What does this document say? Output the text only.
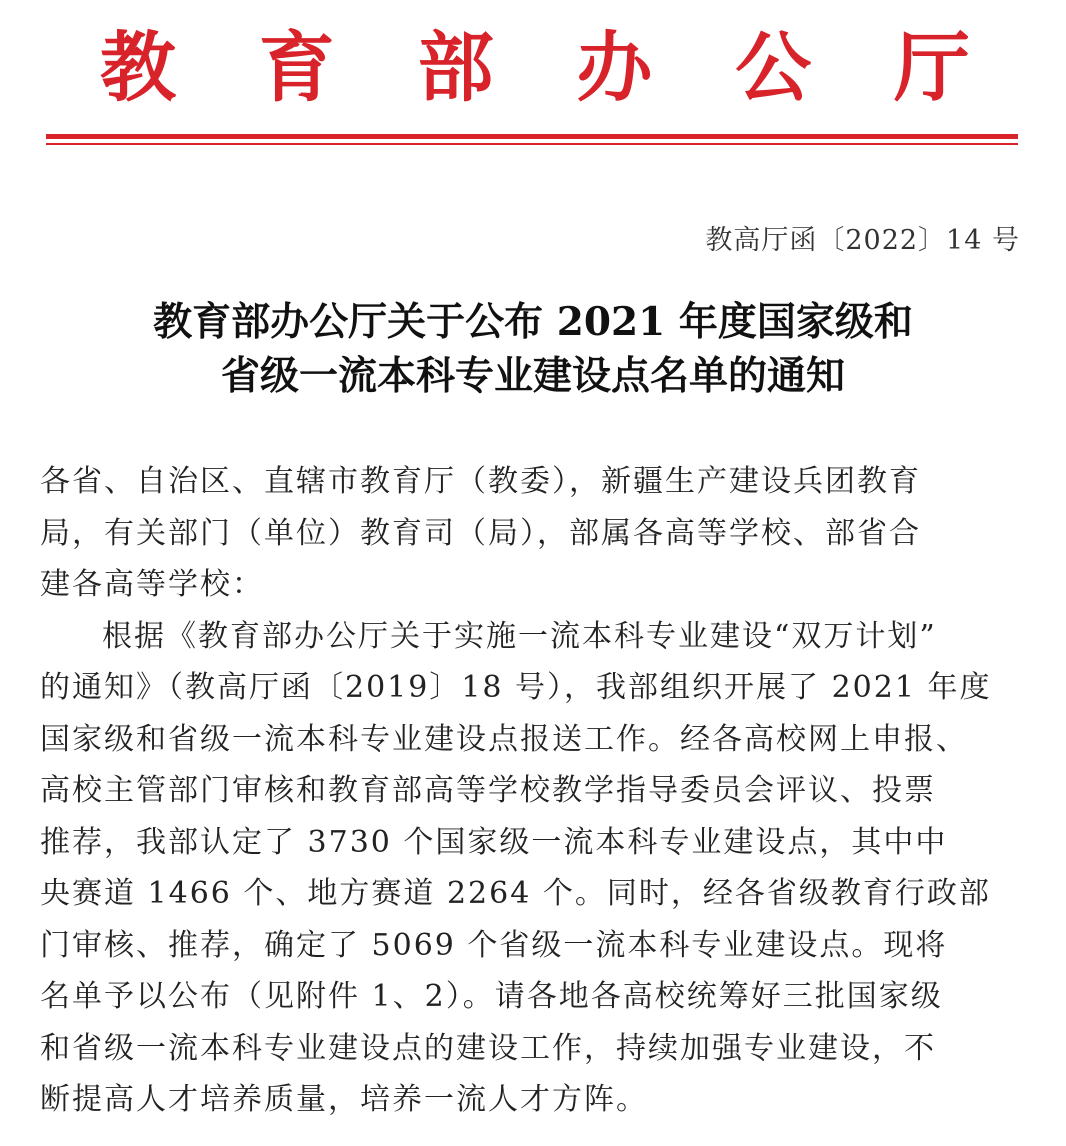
教 育 部 办 公 厅
教高厅函〔2022〕14 号
教育部办公厅关于公布 2021 年度国家级和
省级一流本科专业建设点名单的通知

各省、自治区、直辖市教育厅（教委），新疆生产建设兵团教育

局，有关部门（单位）教育司（局），部属各高等学校、部省合

建各高等学校：

根据《教育部办公厅关于实施一流本科专业建设“双万计划”

的通知》（教高厅函〔2019〕18 号），我部组织开展了 2021 年度

国家级和省级一流本科专业建设点报送工作。经各高校网上申报、

高校主管部门审核和教育部高等学校教学指导委员会评议、投票

推荐，我部认定了 3730 个国家级一流本科专业建设点，其中中

央赛道 1466 个、地方赛道 2264 个。同时，经各省级教育行政部

门审核、推荐，确定了 5069 个省级一流本科专业建设点。现将

名单予以公布（见附件 1、2）。请各地各高校统筹好三批国家级

和省级一流本科专业建设点的建设工作，持续加强专业建设，不

断提高人才培养质量，培养一流人才方阵。
